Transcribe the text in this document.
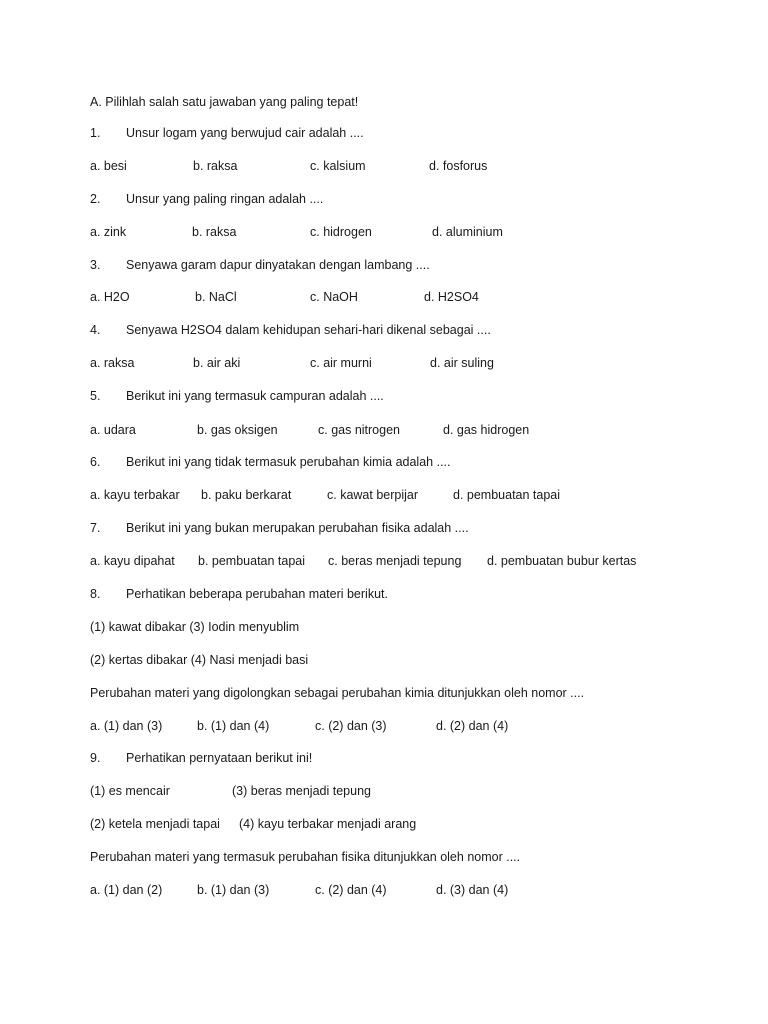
A. Pilihlah salah satu jawaban yang paling tepat!
1. Unsur logam yang berwujud cair adalah ....
a. besi	b. raksa	c. kalsium	d. fosforus
2. Unsur yang paling ringan adalah ....
a. zink	b. raksa	c. hidrogen	d. aluminium
3. Senyawa garam dapur dinyatakan dengan lambang ....
a. H2O	b. NaCl	c. NaOH	d. H2SO4
4. Senyawa H2SO4 dalam kehidupan sehari-hari dikenal sebagai ....
a. raksa	b. air aki	c. air murni	d. air suling
5. Berikut ini yang termasuk campuran adalah ....
a. udara	b. gas oksigen	c. gas nitrogen	d. gas hidrogen
6. Berikut ini yang tidak termasuk perubahan kimia adalah ....
a. kayu terbakar b. paku berkarat	c. kawat berpijar	d. pembuatan tapai
7. Berikut ini yang bukan merupakan perubahan fisika adalah ....
a. kayu dipahat b. pembuatan tapai c. beras menjadi tepung d. pembuatan bubur kertas
8. Perhatikan beberapa perubahan materi berikut.
(1) kawat dibakar (3) Iodin menyublim
(2) kertas dibakar (4) Nasi menjadi basi
Perubahan materi yang digolongkan sebagai perubahan kimia ditunjukkan oleh nomor ....
a. (1) dan (3)	b. (1) dan (4)	c. (2) dan (3)	d. (2) dan (4)
9. Perhatikan pernyataan berikut ini!
(1) es mencair	(3) beras menjadi tepung
(2) ketela menjadi tapai (4) kayu terbakar menjadi arang
Perubahan materi yang termasuk perubahan fisika ditunjukkan oleh nomor ....
a. (1) dan (2)	b. (1) dan (3)	c. (2) dan (4)	d. (3) dan (4)
